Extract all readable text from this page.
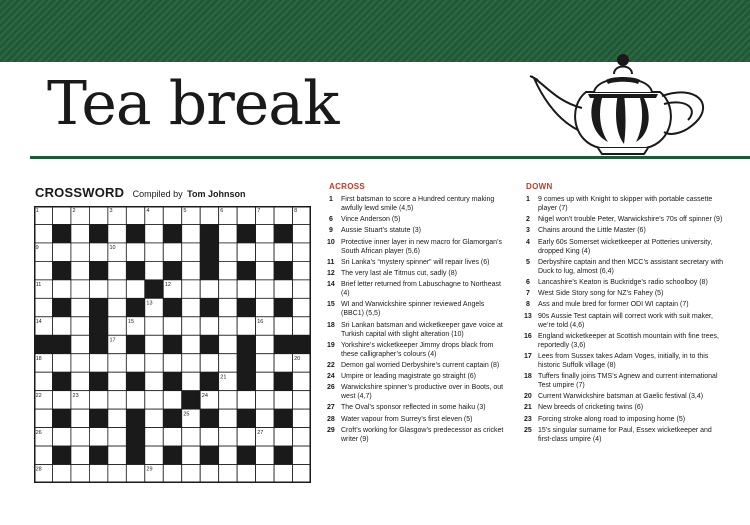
Tea break
CROSSWORD Compiled by Tom Johnson
1	2	3	4	5	6	7	8
9	10
11	12
13
14	15	16
17
18	19	20
21
22	23	24
25
26	27
28	29
ACROSS
1 First batsman to score a Hundred century making awfully lewd smile (4,5)
6 Vince Anderson (5)
9 Aussie Stuart’s statute (3)
10 Protective inner layer in new macro for Glamorgan’s South African player (5,6)
11 Sri Lanka’s “mystery spinner” will repair lives (6)
12 The very last ale Titmus cut, sadly (8)
14 Brief letter returned from Labuschagne to Northeast (4)
15 WI and Warwickshire spinner reviewed Angels (BBC1) (5,5)
18 Sri Lankan batsman and wicketkeeper gave voice at Turkish capital with slight alteration (10)
19 Yorkshire’s wicketkeeper Jimmy drops black from these calligrapher’s colours (4)
22 Demon gal worried Derbyshire’s current captain (8)
24 Umpire or leading magistrate go straight (6)
26 Warwickshire spinner’s productive over in Boots, out west (4,7)
27 The Oval’s sponsor reflected in some haiku (3)
28 Water vapour from Surrey’s first eleven (5)
29 Croft’s working for Glasgow’s predecessor as cricket writer (9)
DOWN
1 9 comes up with Knight to skipper with portable cassette player (7)
2 Nigel won’t trouble Peter, Warwickshire’s 70s off spinner (9)
3 Chains around the Little Master (6)
4 Early 60s Somerset wicketkeeper at Potteries university, dropped King (4)
5 Derbyshire captain and then MCC’s assistant secretary with Duck to lug, almost (6,4)
6 Lancashire’s Keaton is Buckridge’s radio schoolboy (8)
7 West Side Story song for NZ’s Fahey (5)
8 Ass and mule bred for former ODI WI captain (7)
13 90s Aussie Test captain will correct work with suit maker, we’re told (4,6)
16 England wicketkeeper at Scottish mountain with fine trees, reportedly (3,6)
17 Lees from Sussex takes Adam Voges, initially, in to this historic Suffolk village (8)
18 Tuffers finally joins TMS’s Agnew and current international Test umpire (7)
20 Current Warwickshire batsman at Gaelic festival (3,4)
21 New breeds of cricketing twins (6)
23 Forcing stroke along road to imposing home (5)
25 15’s singular surname for Paul, Essex wicketkeeper and first-class umpire (4)
